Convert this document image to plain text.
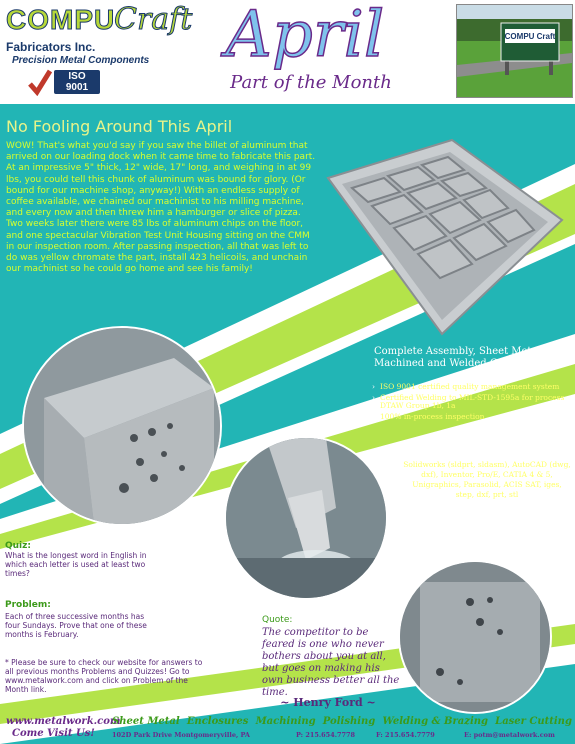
COMPU
Craft
Fabricators Inc.
Precision Metal Components
ISO
9001
April
Part of the Month
COMPU Craft
No Fooling Around This April
WOW! That's what you'd say if you saw the billet of aluminum that arrived on our loading dock when it came time to fabricate this part. At an impressive 5" thick, 12" wide, 17" long, and weighing in at 99 lbs, you could tell this chunk of aluminum was bound for glory. (Or bound for our machine shop, anyway!) With an endless supply of coffee available, we chained our machinist to his milling machine, and every now and then threw him a hamburger or slice of pizza. Two weeks later there were 85 lbs of aluminum chips on the floor, and one spectacular Vibration Test Unit Housing sitting on the CMM in our inspection room. After passing inspection, all that was left to do was yellow chromate the part, install 423 helicoils, and unchain our machinist so he could go home and see his family!
Complete Assembly, Sheet Metal, Machined and Welded Components.
› ISO 9001 certified quality management system
› Certified Welding to MIL-STD-1595a for process DTAW Group 1b, 1a
› 100% in-process inspection
All CAD Formats:
Solidworks (sldprt, sldasm), AutoCAD (dwg, dxf), Inventor, Pro/E, CATIA 4 & 5, Unigraphics, Parasolid, ACIS SAT, iges, step, dxf, prt, stl
Quiz:
What is the longest word in English in which each letter is used at least two times?
Problem:
Each of three successive months has four Sundays. Prove that one of these months is February.
* Please be sure to check our website for answers to all previous months Problems and Quizzes! Go to www.metalwork.com and click on Problem of the Month link.
Quote:
The competitor to be feared is one who never bothers about you at all, but goes on making his own business better all the time.
~ Henry Ford ~
www.metalwork.com
Come Visit Us!
Sheet Metal Enclosures Machining Polishing Welding & Brazing Laser Cutting
102D Park Drive Montgomeryville, PA	P: 215.654.7778	F: 215.654.7779	E: potm@metalwork.com
